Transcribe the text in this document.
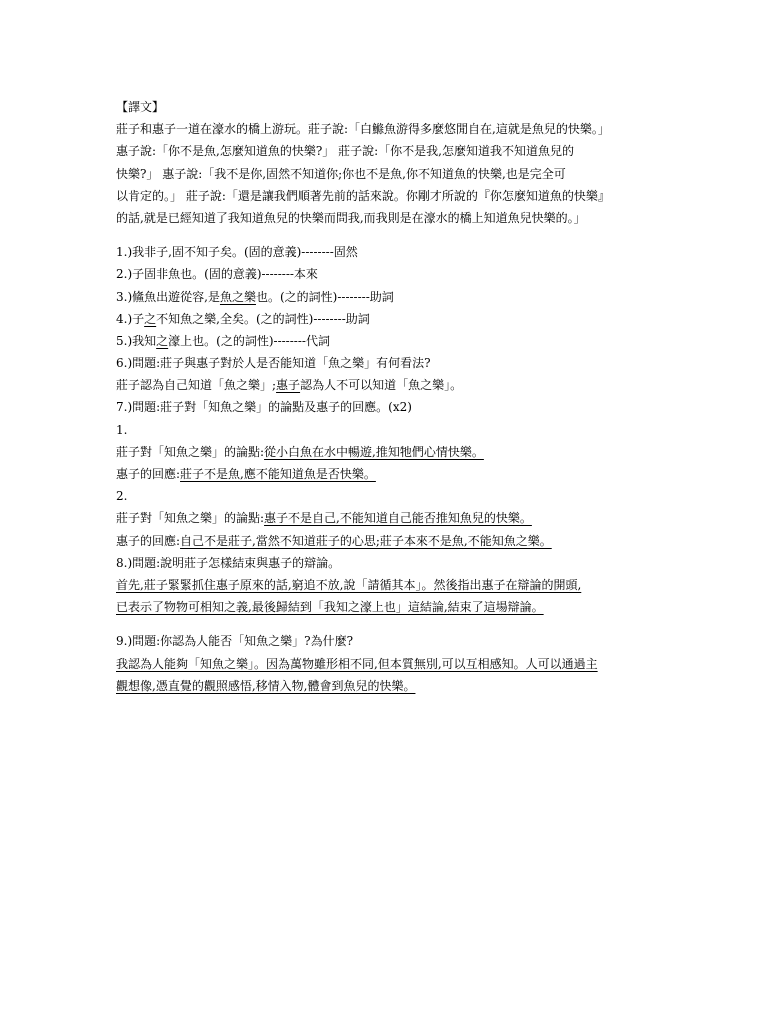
【譯文】
莊子和惠子一道在濠水的橋上游玩。莊子說:「白鰷魚游得多麼悠閒自在,這就是魚兒的快樂。」
惠子說:「你不是魚,怎麼知道魚的快樂?」 莊子說:「你不是我,怎麼知道我不知道魚兒的
快樂?」 惠子說:「我不是你,固然不知道你;你也不是魚,你不知道魚的快樂,也是完全可
以肯定的。」 莊子說:「還是讓我們順著先前的話來說。你剛才所說的『你怎麼知道魚的快樂』
的話,就是已經知道了我知道魚兒的快樂而問我,而我則是在濠水的橋上知道魚兒快樂的。」
1.)我非子,固不知子矣。(固的意義)--------固然
2.)子固非魚也。(固的意義)--------本來
3.)鯈魚出遊從容,是魚之樂也。(之的詞性)--------助詞
4.)子之不知魚之樂,全矣。(之的詞性)--------助詞
5.)我知之濠上也。(之的詞性)--------代詞
6.)問題:莊子與惠子對於人是否能知道「魚之樂」有何看法?
莊子認為自己知道「魚之樂」;惠子認為人不可以知道「魚之樂」。
7.)問題:莊子對「知魚之樂」的論點及惠子的回應。(x2)
1.
莊子對「知魚之樂」的論點:從小白魚在水中暢遊,推知牠們心情快樂。
惠子的回應:莊子不是魚,應不能知道魚是否快樂。
2.
莊子對「知魚之樂」的論點:惠子不是自己,不能知道自己能否推知魚兒的快樂。
惠子的回應:自己不是莊子,當然不知道莊子的心思;莊子本來不是魚,不能知魚之樂。
8.)問題:說明莊子怎樣結束與惠子的辯論。
首先,莊子緊緊抓住惠子原來的話,窮追不放,說「請循其本」。然後指出惠子在辯論的開頭,
已表示了物物可相知之義,最後歸結到「我知之濠上也」這結論,結束了這場辯論。
9.)問題:你認為人能否「知魚之樂」?為什麼?
我認為人能夠「知魚之樂」。因為萬物雖形相不同,但本質無別,可以互相感知。人可以通過主
觀想像,憑直覺的觀照感悟,移情入物,體會到魚兒的快樂。
